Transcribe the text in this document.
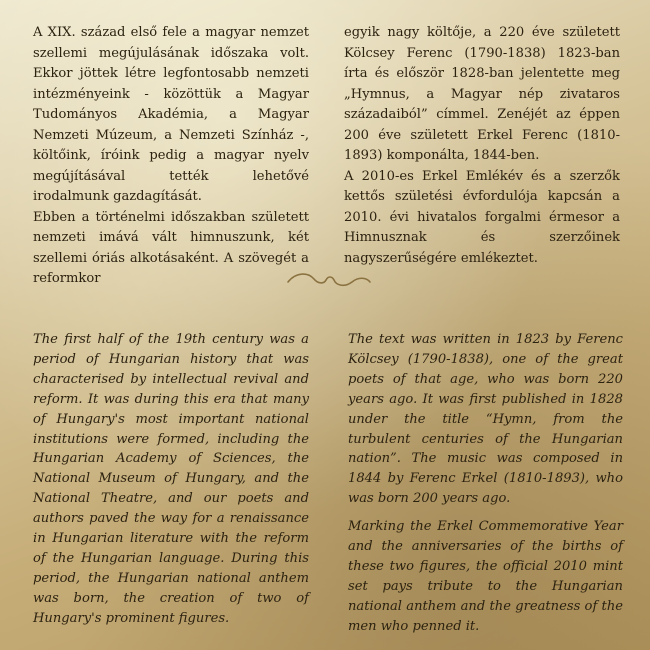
A XIX. század első fele a magyar nemzet szellemi megújulásának időszaka volt. Ekkor jöttek létre legfontosabb nemzeti intézményeink - közöttük a Magyar Tudományos Akadémia, a Magyar Nemzeti Múzeum, a Nemzeti Színház -, költőink, íróink pedig a magyar nyelv megújításával tették lehetővé irodalmunk gazdagítását.

Ebben a történelmi időszakban született nemzeti imává vált himnuszunk, két szellemi óriás alkotásaként. A szövegét a reformkor

egyik nagy költője, a 220 éve született Kölcsey Ferenc (1790-1838) 1823-ban írta és először 1828-ban jelentette meg „Hymnus, a Magyar nép zivataros századaiból” címmel. Zenéjét az éppen 200 éve született Erkel Ferenc (1810-1893) komponálta, 1844-ben.

A 2010-es Erkel Emlékév és a szerzők kettős születési évfordulója kapcsán a 2010. évi hivatalos forgalmi érmesor a Himnusznak és szerzőinek nagyszerűségére emlékeztet.

The first half of the 19th century was a period of Hungarian history that was characterised by intellectual revival and reform. It was during this era that many of Hungary's most important national institutions were formed, including the Hungarian Academy of Sciences, the National Museum of Hungary, and the National Theatre, and our poets and authors paved the way for a renaissance in Hungarian literature with the reform of the Hungarian language. During this period, the Hungarian national anthem was born, the creation of two of Hungary's prominent figures.

The text was written in 1823 by Ferenc Kölcsey (1790-1838), one of the great poets of that age, who was born 220 years ago. It was first published in 1828 under the title “Hymn, from the turbulent centuries of the Hungarian nation”. The music was composed in 1844 by Ferenc Erkel (1810-1893), who was born 200 years ago.

Marking the Erkel Commemorative Year and the anniversaries of the births of these two figures, the official 2010 mint set pays tribute to the Hungarian national anthem and the greatness of the men who penned it.
